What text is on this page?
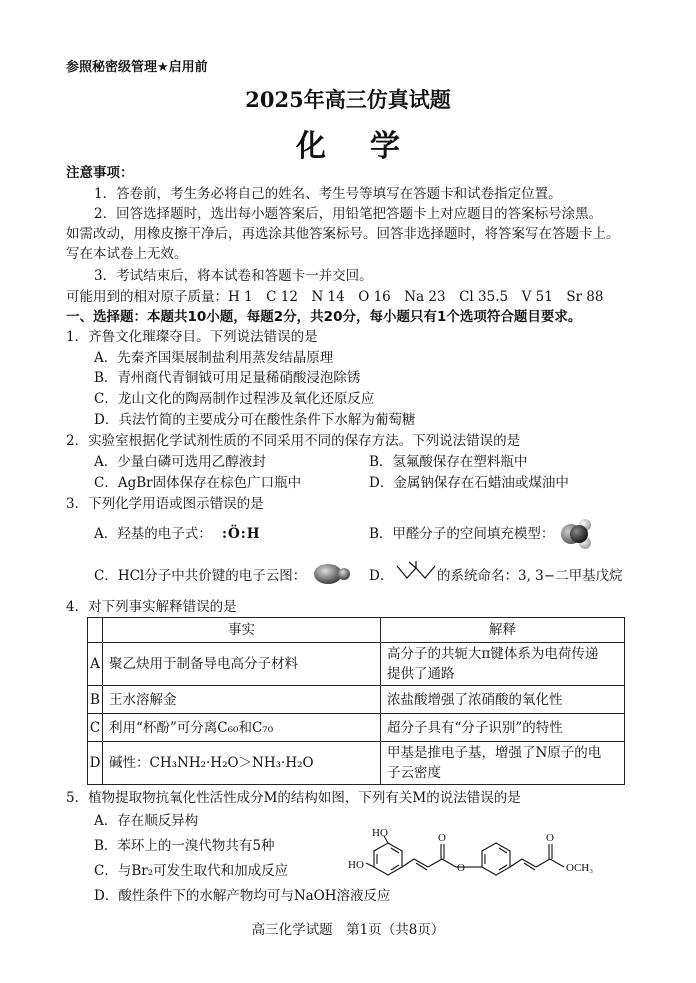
参照秘密级管理★启用前
2025年高三仿真试题
化学
注意事项：
1．答卷前，考生务必将自己的姓名、考生号等填写在答题卡和试卷指定位置。
2．回答选择题时，选出每小题答案后，用铅笔把答题卡上对应题目的答案标号涂黑。
如需改动，用橡皮擦干净后，再选涂其他答案标号。回答非选择题时，将答案写在答题卡上。
写在本试卷上无效。
3．考试结束后，将本试卷和答题卡一并交回。
可能用到的相对原子质量：H 1　C 12　N 14　O 16　Na 23　Cl 35.5　V 51　Sr 88
一、选择题：本题共10小题，每题2分，共20分，每小题只有1个选项符合题目要求。
1．齐鲁文化璀璨夺目。下列说法错误的是
A．先秦齐国渠展制盐利用蒸发结晶原理
B．青州商代青铜钺可用足量稀硝酸浸泡除锈
C．龙山文化的陶鬲制作过程涉及氧化还原反应
D．兵法竹简的主要成分可在酸性条件下水解为葡萄糖
2．实验室根据化学试剂性质的不同采用不同的保存方法。下列说法错误的是
A．少量白磷可选用乙醇液封	B．氢氟酸保存在塑料瓶中
C．AgBr固体保存在棕色广口瓶中	D．金属钠保存在石蜡油或煤油中
3．下列化学用语或图示错误的是
A．羟基的电子式： :Ö:H	B．甲醛分子的空间填充模型：
C．HCl分子中共价键的电子云图：	D．	的系统命名：3, 3−二甲基戊烷
4．对下列事实解释错误的是
	事实	解释
A	聚乙炔用于制备导电高分子材料	高分子的共轭大π键体系为电荷传递
提供了通路

B	王水溶解金	浓盐酸增强了浓硝酸的氧化性
C	利用“杯酚”可分离C₆₀和C₇₀	超分子具有“分子识别”的特性
D	碱性：CH₃NH₂·H₂O＞NH₃·H₂O	甲基是推电子基，增强了N原子的电
子云密度
5．植物提取物抗氧化性活性成分M的结构如图，下列有关M的说法错误的是
A．存在顺反异构
B．苯环上的一溴代物共有5种
C．与Br₂可发生取代和加成反应
D．酸性条件下的水解产物均可与NaOH溶液反应
HO
HO
O
O
O
OCH₃
高三化学试题　第1页（共8页）
